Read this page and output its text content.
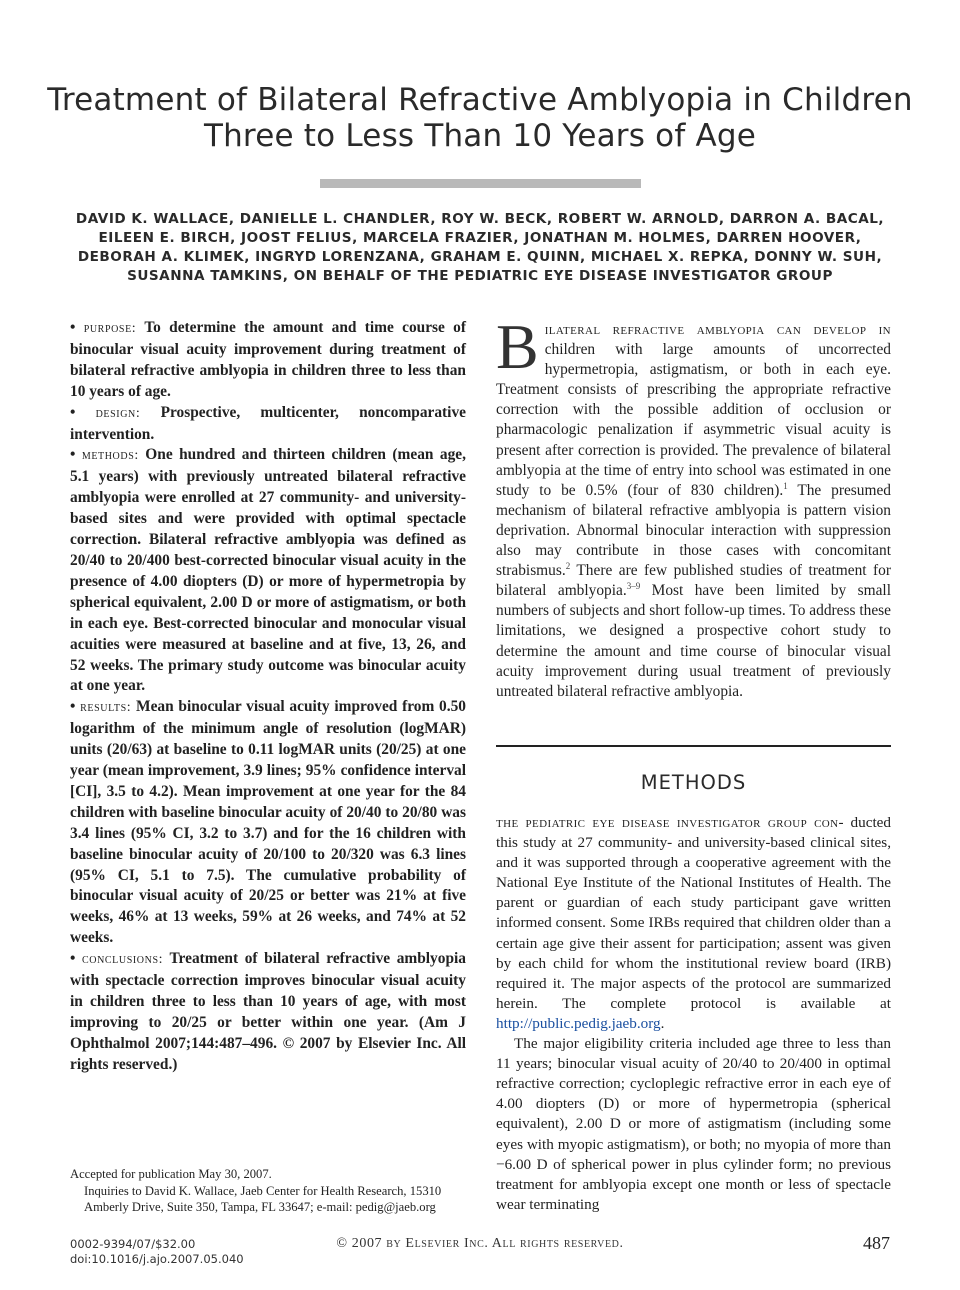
Treatment of Bilateral Refractive Amblyopia in Children
Three to Less Than 10 Years of Age
DAVID K. WALLACE, DANIELLE L. CHANDLER, ROY W. BECK, ROBERT W. ARNOLD, DARRON A. BACAL,
EILEEN E. BIRCH, JOOST FELIUS, MARCELA FRAZIER, JONATHAN M. HOLMES, DARREN HOOVER,
DEBORAH A. KLIMEK, INGRYD LORENZANA, GRAHAM E. QUINN, MICHAEL X. REPKA, DONNY W. SUH,
SUSANNA TAMKINS, ON BEHALF OF THE PEDIATRIC EYE DISEASE INVESTIGATOR GROUP

• purpose: To determine the amount and time course of binocular visual acuity improvement during treatment of bilateral refractive amblyopia in children three to less than 10 years of age.

• design: Prospective, multicenter, noncomparative intervention.

• methods: One hundred and thirteen children (mean age, 5.1 years) with previously untreated bilateral refractive amblyopia were enrolled at 27 community- and university-based sites and were provided with optimal spectacle correction. Bilateral refractive amblyopia was defined as 20/40 to 20/400 best-corrected binocular visual acuity in the presence of 4.00 diopters (D) or more of hypermetropia by spherical equivalent, 2.00 D or more of astigmatism, or both in each eye. Best-corrected binocular and monocular visual acuities were measured at baseline and at five, 13, 26, and 52 weeks. The primary study outcome was binocular acuity at one year.

• results: Mean binocular visual acuity improved from 0.50 logarithm of the minimum angle of resolution (logMAR) units (20/63) at baseline to 0.11 logMAR units (20/25) at one year (mean improvement, 3.9 lines; 95% confidence interval [CI], 3.5 to 4.2). Mean improvement at one year for the 84 children with baseline binocular acuity of 20/40 to 20/80 was 3.4 lines (95% CI, 3.2 to 3.7) and for the 16 children with baseline binocular acuity of 20/100 to 20/320 was 6.3 lines (95% CI, 5.1 to 7.5). The cumulative probability of binocular visual acuity of 20/25 or better was 21% at five weeks, 46% at 13 weeks, 59% at 26 weeks, and 74% at 52 weeks.

• conclusions: Treatment of bilateral refractive amblyopia with spectacle correction improves binocular visual acuity in children three to less than 10 years of age, with most improving to 20/25 or better within one year. (Am J Ophthalmol 2007;144:487–496. © 2007 by Elsevier Inc. All rights reserved.)

Accepted for publication May 30, 2007.

Inquiries to David K. Wallace, Jaeb Center for Health Research, 15310 Amberly Drive, Suite 350, Tampa, FL 33647; e-mail: pedig@jaeb.org

B ilateral refractive amblyopia can develop in children with large amounts of uncorrected hypermetropia, astigmatism, or both in each eye. Treatment consists of prescribing the appropriate refractive correction with the possible addition of occlusion or pharmacologic penalization if asymmetric visual acuity is present after correction is provided. The prevalence of bilateral amblyopia at the time of entry into school was estimated in one study to be 0.5% (four of 830 children).$^1$ The presumed mechanism of bilateral refractive amblyopia is pattern vision deprivation. Abnormal binocular interaction with suppression also may contribute in those cases with concomitant strabismus.$^2$ There are few published studies of treatment for bilateral amblyopia.$^{3-9}$ Most have been limited by small numbers of subjects and short follow-up times. To address these limitations, we designed a prospective cohort study to determine the amount and time course of binocular visual acuity improvement during usual treatment of previously untreated bilateral refractive amblyopia.

METHODS

the pediatric eye disease investigator group con- ducted this study at 27 community- and university-based clinical sites, and it was supported through a cooperative agreement with the National Eye Institute of the National Institutes of Health. The parent or guardian of each study participant gave written informed consent. Some IRBs required that children older than a certain age give their assent for participation; assent was given by each child for whom the institutional review board (IRB) required it. The major aspects of the protocol are summarized herein. The complete protocol is available at http://public.pedig.jaeb.org.

The major eligibility criteria included age three to less than 11 years; binocular visual acuity of 20/40 to 20/400 in optimal refractive correction; cycloplegic refractive error in each eye of 4.00 diopters (D) or more of hypermetropia (spherical equivalent), 2.00 D or more of astigmatism (including some eyes with myopic astigmatism), or both; no myopia of more than −6.00 D of spherical power in plus cylinder form; no previous treatment for amblyopia except one month or less of spectacle wear terminating

0002-9394/07/$32.00
doi:10.1016/j.ajo.2007.05.040
© 2007 by Elsevier Inc. All rights reserved.	487
